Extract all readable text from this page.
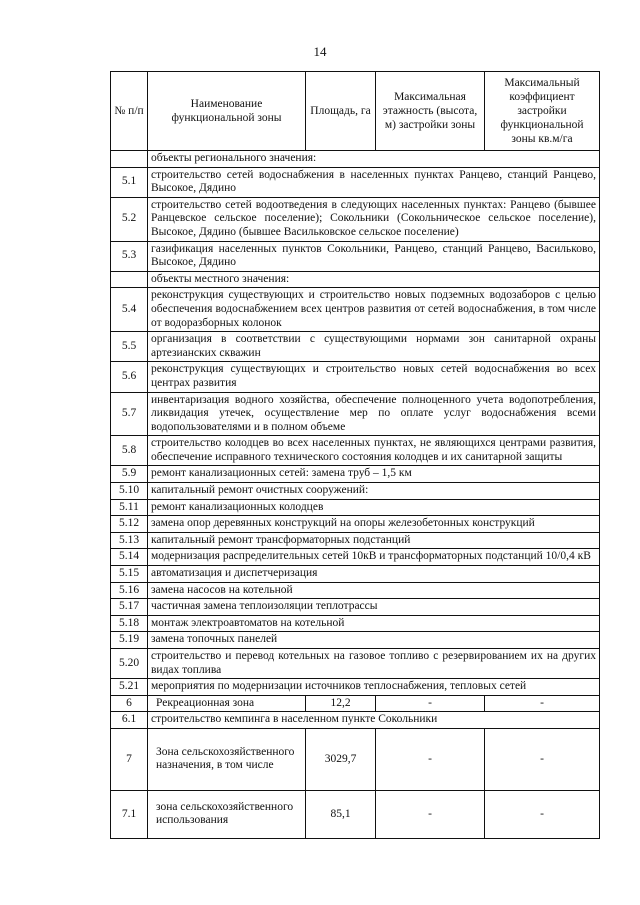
14
№ п/п	Наименование функциональной зоны	Площадь, га	Максимальная этажность (высота, м) застройки зоны	Максимальный коэффициент застройки функциональной зоны кв.м/га
	объекты регионального значения:			
5.1	строительство сетей водоснабжения в населенных пунктах Ранцево, станций Ранцево, Высокое, Дядино			
5.2	строительство сетей водоотведения в следующих населенных пунктах: Ранцево (бывшее Ранцевское сельское поселение); Сокольники (Сокольническое сельское поселение), Высокое, Дядино (бывшее Васильковское сельское поселение)			
5.3	газификация населенных пунктов Сокольники, Ранцево, станций Ранцево, Васильково, Высокое, Дядино			
	объекты местного значения:			
5.4	реконструкция существующих и строительство новых подземных водозаборов с целью обеспечения водоснабжением всех центров развития от сетей водоснабжения, в том числе от водоразборных колонок			
5.5	организация в соответствии с существующими нормами зон санитарной охраны артезианских скважин			
5.6	реконструкция существующих и строительство новых сетей водоснабжения во всех центрах развития			
5.7	инвентаризация водного хозяйства, обеспечение полноценного учета водопотребления, ликвидация утечек, осуществление мер по оплате услуг водоснабжения всеми водопользователями и в полном объеме			
5.8	строительство колодцев во всех населенных пунктах, не являющихся центрами развития, обеспечение исправного технического состояния колодцев и их санитарной защиты			
5.9	ремонт канализационных сетей: замена труб – 1,5 км			
5.10	капитальный ремонт очистных сооружений:			
5.11	ремонт канализационных колодцев			
5.12	замена опор деревянных конструкций на опоры железобетонных конструкций			
5.13	капитальный ремонт трансформаторных подстанций			
5.14	модернизация распределительных сетей 10кВ и трансформаторных подстанций 10/0,4 кВ			
5.15	автоматизация и диспетчеризация			
5.16	замена насосов на котельной			
5.17	частичная замена теплоизоляции теплотрассы			
5.18	монтаж электроавтоматов на котельной			
5.19	замена топочных панелей			
5.20	строительство и перевод котельных на газовое топливо с резервированием их на других видах топлива			
5.21	мероприятия по модернизации источников теплоснабжения, тепловых сетей			
6	Рекреационная зона	12,2	-	-
6.1	строительство кемпинга в населенном пункте Сокольники			
7	Зона сельскохозяйственного назначения, в том числе	3029,7	-	-
7.1	зона сельскохозяйственного использования	85,1	-	-
